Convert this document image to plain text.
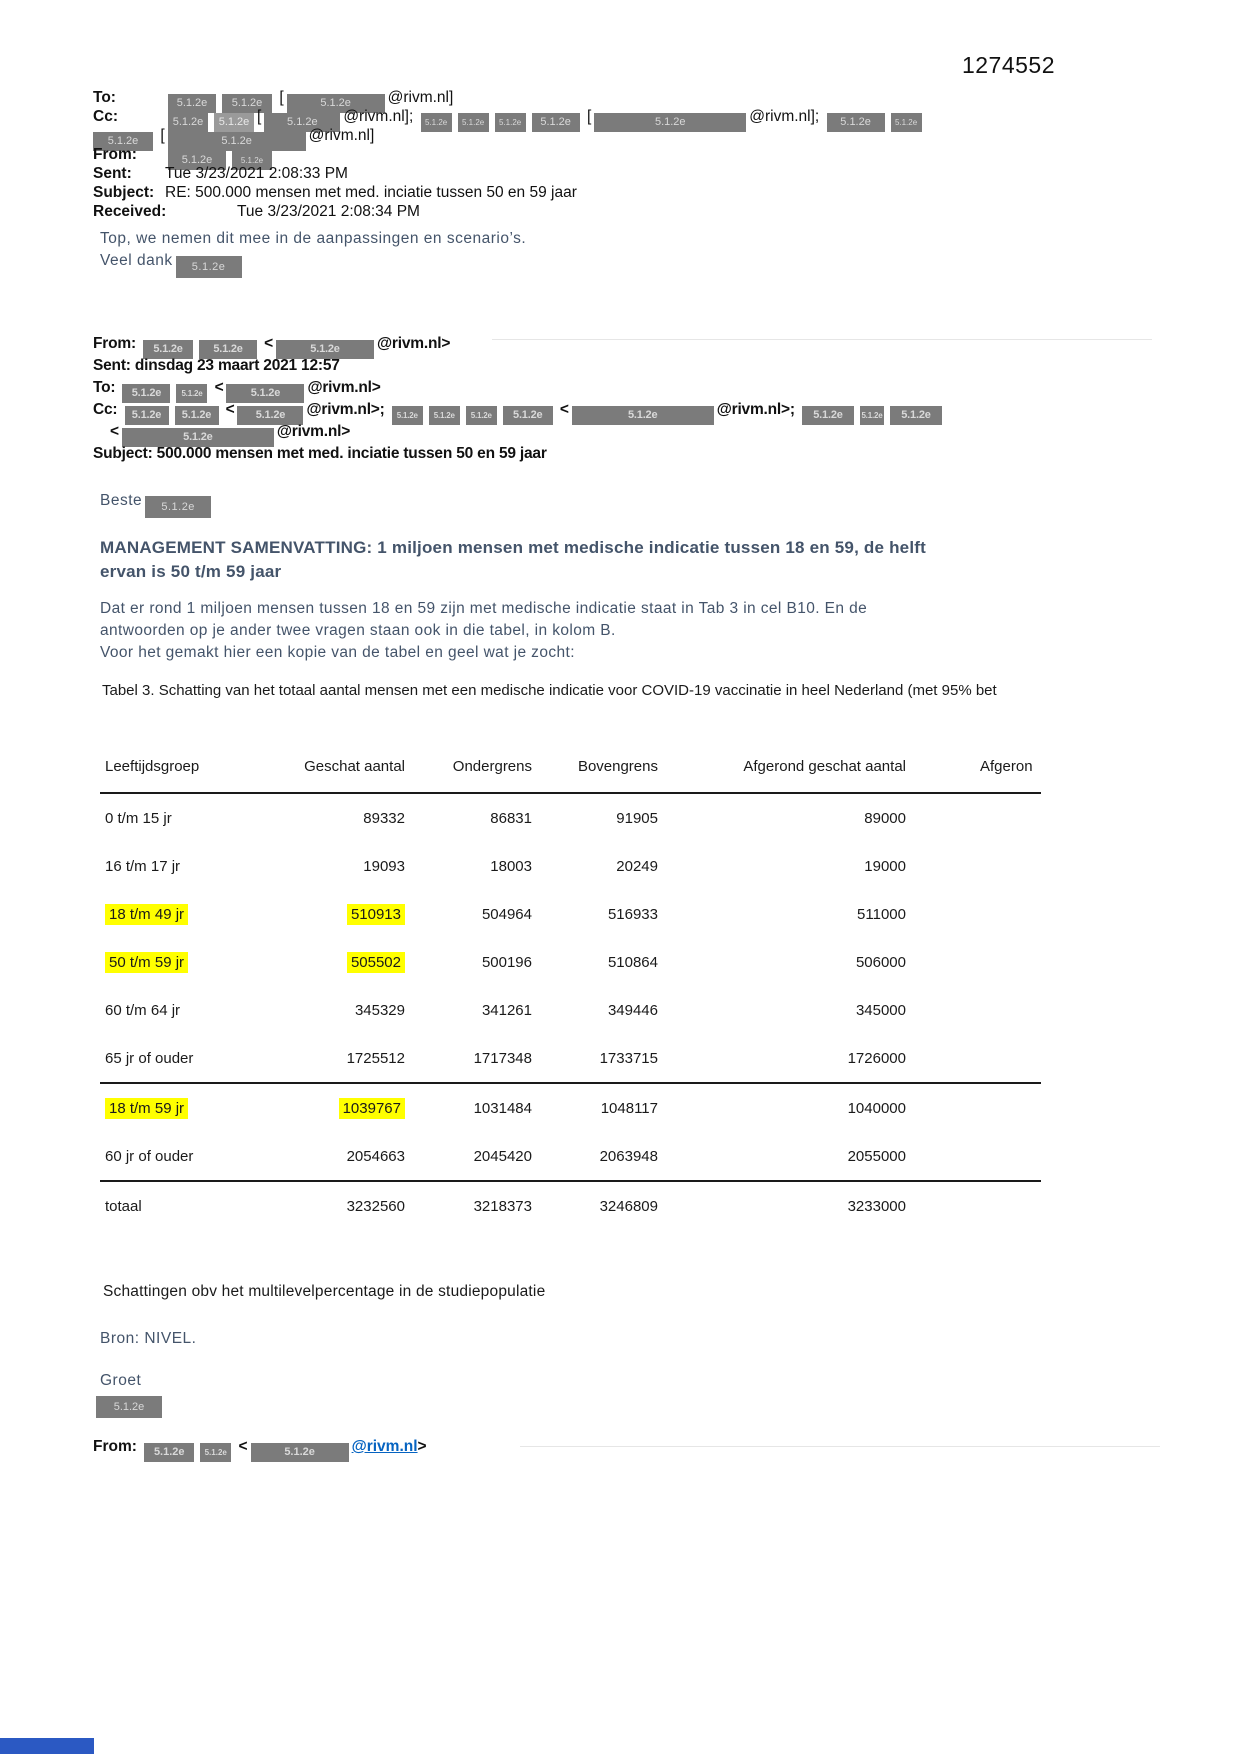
1274552
To:	5.1.2e 5.1.2e [	5.1.2e @rivm.nl]
Cc:	5.1.2e 5.1.2e [ 5.1.2e @rivm.nl]; 5.1.2e 5.1.2e 5.1.2e 5.1.2e [	5.1.2e	@rivm.nl]; 5.1.2e	5.1.2e
5.1.2e [	5.1.2e	@rivm.nl]
From:	5.1.2e	5.1.2e
Sent: Tue 3/23/2021 2:08:33 PM
Subject: RE: 500.000 mensen met med. inciatie tussen 50 en 59 jaar
Received:	Tue 3/23/2021 2:08:34 PM
Top, we nemen dit mee in de aanpassingen en scenario’s.
Veel dank 5.1.2e
From: 5.1.2e	5.1.2e <	5.1.2e @rivm.nl>
Sent: dinsdag 23 maart 2021 12:57
To: 5.1.2e	5.1.2e < 5.1.2e @rivm.nl>
Cc: 5.1.2e 5.1.2e < 5.1.2e @rivm.nl>; 5.1.2e 5.1.2e 5.1.2e 5.1.2e <	5.1.2e	@rivm.nl>; 5.1.2e 5.1.2e 5.1.2e
<	5.1.2e	@rivm.nl>
Subject: 500.000 mensen met med. inciatie tussen 50 en 59 jaar
Beste 5.1.2e
MANAGEMENT SAMENVATTING: 1 miljoen mensen met medische indicatie tussen 18 en 59, de helft
ervan is 50 t/m 59 jaar
Dat er rond 1 miljoen mensen tussen 18 en 59 zijn met medische indicatie staat in Tab 3 in cel B10. En de
antwoorden op je ander twee vragen staan ook in die tabel, in kolom B.
Voor het gemakt hier een kopie van de tabel en geel wat je zocht:
Tabel 3. Schatting van het totaal aantal mensen met een medische indicatie voor COVID-19 vaccinatie in heel Nederland (met 95% bet
Leeftijdsgroep	Geschat aantal	Ondergrens	Bovengrens	Afgerond geschat aantal	Afgeron
0 t/m 15 jr	89332	86831	91905	89000	
16 t/m 17 jr	19093	18003	20249	19000	
18 t/m 49 jr	510913	504964	516933	511000	
50 t/m 59 jr	505502	500196	510864	506000	
60 t/m 64 jr	345329	341261	349446	345000	
65 jr of ouder	1725512	1717348	1733715	1726000	
18 t/m 59 jr	1039767	1031484	1048117	1040000	
60 jr of ouder	2054663	2045420	2063948	2055000	
totaal	3232560	3218373	3246809	3233000	
Schattingen obv het multilevelpercentage in de studiepopulatie
Bron: NIVEL.
Groet
5.1.2e
From: 5.1.2e	5.1.2e <	5.1.2e @rivm.nl>
